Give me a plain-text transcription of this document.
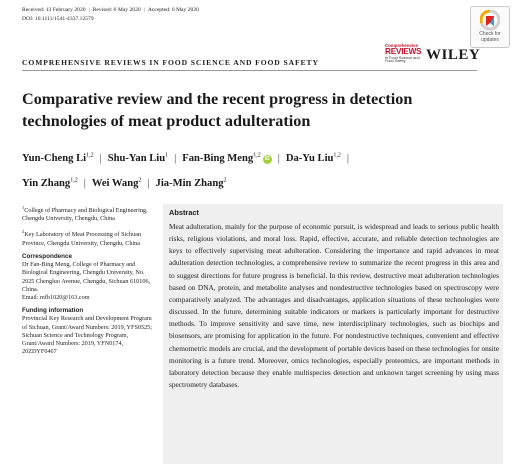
Received: 13 February 2020 | Revised: 6 May 2020 | Accepted: 6 May 2020
DOI: 10.1111/1541-4337.12579
Check for
updates
COMPREHENSIVE REVIEWS IN FOOD SCIENCE AND FOOD SAFETY
Comprehensive
REVIEWS
in Food Science and Food Safety	WILEY
Comparative review and the recent progress in detection technologies of meat product adulteration
Yun-Cheng Li$^{1,2}$ | Shu-Yan Liu$^1$ | Fan-Bing Meng$^{1,2}$iD | Da-Yu Liu$^{1,2}$ |
Yin Zhang$^{1,2}$ | Wei Wang$^2$ | Jia-Min Zhang$^2$

$^1$College of Pharmacy and Biological Engineering, Chengdu University, Chengdu, China

$^2$Key Laboratory of Meat Processing of Sichuan Province, Chengdu University, Chengdu, China

Correspondence
Dr Fan-Bing Meng, College of Pharmacy and Biological Engineering, Chengdu University, No. 2025 Chengluo Avenue, Chengdu, Sichuan 610106, China.
Email: mfb1020@163.com

Funding information
Provincial Key Research and Development Program of Sichuan, Grant/Award Numbers: 2019, YFS0525; Sichuan Science and Technology Program, Grant/Award Numbers: 2019, YFN0174, 20ZDYF0467

Abstract

Meat adulteration, mainly for the purpose of economic pursuit, is widespread and leads to serious public health risks, religious violations, and moral loss. Rapid, effective, accurate, and reliable detection technologies are keys to effectively supervising meat adulteration. Considering the importance and rapid advances in meat adulteration detection technologies, a comprehensive review to summarize the recent progress in this area and to suggest directions for future progress is beneficial. In this review, destructive meat adulteration technologies based on DNA, protein, and metabolite analyses and nondestructive technologies based on spectroscopy were comparatively analyzed. The advantages and disadvantages, application situations of these technologies were discussed. In the future, determining suitable indicators or markers is particularly important for destructive methods. To improve sensitivity and save time, new interdisciplinary technologies, such as biochips and biosensors, are promising for application in the future. For nondestructive techniques, convenient and effective chemometric models are crucial, and the development of portable devices based on these technologies for onsite monitoring is a future trend. Moreover, omics technologies, especially proteomics, are important methods in laboratory detection because they enable multispecies detection and unknown target screening by using mass spectrometry databases.
